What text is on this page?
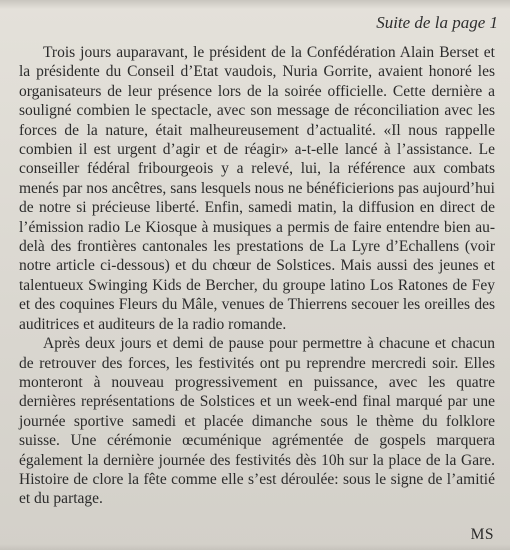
Suite de la page 1

Trois jours auparavant, le président de la Confédération Alain Berset et la présidente du Conseil d’Etat vaudois, Nuria Gorrite, avaient honoré les organisateurs de leur présence lors de la soirée officielle. Cette dernière a souligné combien le spectacle, avec son message de réconciliation avec les forces de la nature, était malheureusement d’actualité. «Il nous rappelle combien il est urgent d’agir et de réagir» a-t-elle lancé à l’assistance. Le conseiller fédéral fribourgeois y a relevé, lui, la référence aux combats menés par nos ancêtres, sans lesquels nous ne bénéficierions pas aujourd’hui de notre si précieuse liberté. Enfin, samedi matin, la diffusion en direct de l’émission radio Le Kiosque à musiques a permis de faire entendre bien au-delà des frontières cantonales les prestations de La Lyre d’Echallens (voir notre article ci-dessous) et du chœur de Solstices. Mais aussi des jeunes et talentueux Swinging Kids de Bercher, du groupe latino Los Ratones de Fey et des coquines Fleurs du Mâle, venues de Thierrens secouer les oreilles des auditrices et auditeurs de la radio romande.

Après deux jours et demi de pause pour permettre à chacune et chacun de retrouver des forces, les festivités ont pu reprendre mercredi soir. Elles monteront à nouveau progressivement en puissance, avec les quatre dernières représentations de Solstices et un week-end final marqué par une journée sportive samedi et placée dimanche sous le thème du folklore suisse. Une cérémonie œcuménique agrémentée de gospels marquera également la dernière journée des festivités dès 10h sur la place de la Gare. Histoire de clore la fête comme elle s’est déroulée: sous le signe de l’amitié et du partage.

MS
